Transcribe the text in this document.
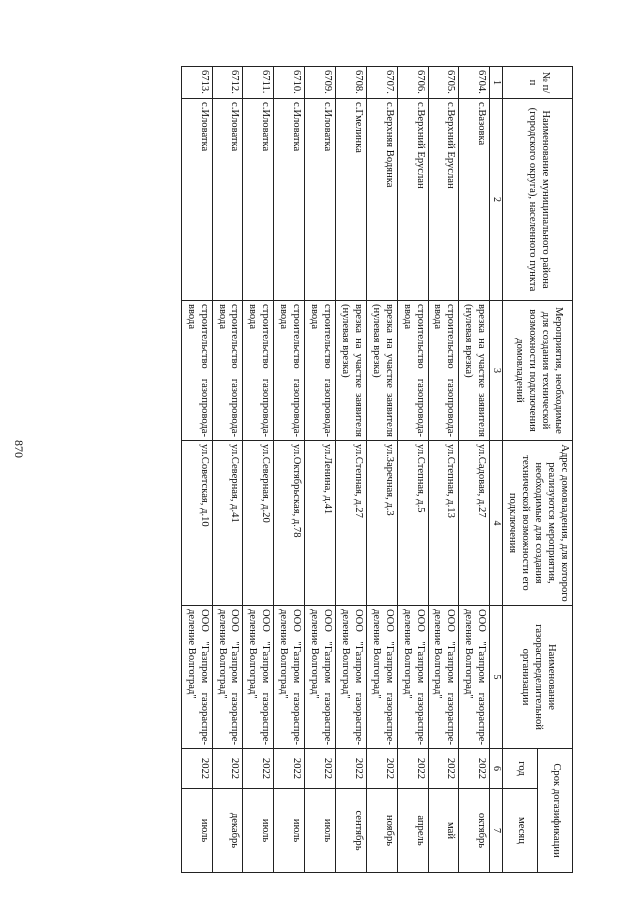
870
№ п/п	Наименование муниципального района (городского округа), населенного пункта	Мероприятия, необходимые для создания технической возможности подключения домовладений	Адрес домовладения, для которого реализуются мероприятия, необходимые для создания технической возможности его подключения	Наименование газораспределительной организации	Срок догазификации	
					год	месяц
1	2	3	4	5	6	7
6704.	с.Вазовка	врезка на участке заявителя (нулевая врезка)	ул.Садовая, д.27	ООО "Газпром газораспре-деление Волгоград"	2022	октябрь
6705.	с.Верхний Еруслан	строительство газопровода-ввода	ул.Степная, д.13	ООО "Газпром газораспре-деление Волгоград"	2022	май
6706.	с.Верхний Еруслан	строительство газопровода-ввода	ул.Степная, д.5	ООО "Газпром газораспре-деление Волгоград"	2022	апрель
6707.	с.Верхняя Водянка	врезка на участке заявителя (нулевая врезка)	ул.Заречная, д.3	ООО "Газпром газораспре-деление Волгоград"	2022	ноябрь
6708.	с.Гмелинка	врезка на участке заявителя (нулевая врезка)	ул.Степная, д.27	ООО "Газпром газораспре-деление Волгоград"	2022	сентябрь
6709.	с.Иловатка	строительство газопровода-ввода	ул.Ленина, д.41	ООО "Газпром газораспре-деление Волгоград"	2022	июль
6710.	с.Иловатка	строительство газопровода-ввода	ул.Октябрьская, д.78	ООО "Газпром газораспре-деление Волгоград"	2022	июль
6711.	с.Иловатка	строительство газопровода-ввода	ул.Северная, д.20	ООО "Газпром газораспре-деление Волгоград"	2022	июль
6712.	с.Иловатка	строительство газопровода-ввода	ул.Северная, д.41	ООО "Газпром газораспре-деление Волгоград"	2022	декабрь
6713.	с.Иловатка	строительство газопровода-ввода	ул.Советская, д.10	ООО "Газпром газораспре-деление Волгоград"	2022	июль
